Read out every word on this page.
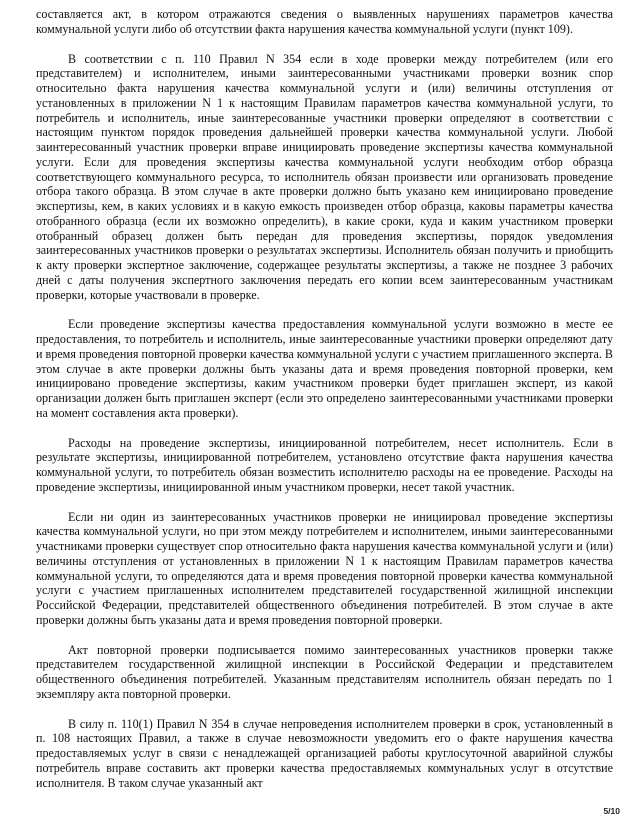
составляется акт, в котором отражаются сведения о выявленных нарушениях параметров качества коммунальной услуги либо об отсутствии факта нарушения качества коммунальной услуги (пункт 109).

В соответствии с п. 110 Правил N 354 если в ходе проверки между потребителем (или его представителем) и исполнителем, иными заинтересованными участниками проверки возник спор относительно факта нарушения качества коммунальной услуги и (или) величины отступления от установленных в приложении N 1 к настоящим Правилам параметров качества коммунальной услуги, то потребитель и исполнитель, иные заинтересованные участники проверки определяют в соответствии с настоящим пунктом порядок проведения дальнейшей проверки качества коммунальной услуги. Любой заинтересованный участник проверки вправе инициировать проведение экспертизы качества коммунальной услуги. Если для проведения экспертизы качества коммунальной услуги необходим отбор образца соответствующего коммунального ресурса, то исполнитель обязан произвести или организовать проведение отбора такого образца. В этом случае в акте проверки должно быть указано кем инициировано проведение экспертизы, кем, в каких условиях и в какую емкость произведен отбор образца, каковы параметры качества отобранного образца (если их возможно определить), в какие сроки, куда и каким участником проверки отобранный образец должен быть передан для проведения экспертизы, порядок уведомления заинтересованных участников проверки о результатах экспертизы. Исполнитель обязан получить и приобщить к акту проверки экспертное заключение, содержащее результаты экспертизы, а также не позднее 3 рабочих дней с даты получения экспертного заключения передать его копии всем заинтересованным участникам проверки, которые участвовали в проверке.

Если проведение экспертизы качества предоставления коммунальной услуги возможно в месте ее предоставления, то потребитель и исполнитель, иные заинтересованные участники проверки определяют дату и время проведения повторной проверки качества коммунальной услуги с участием приглашенного эксперта. В этом случае в акте проверки должны быть указаны дата и время проведения повторной проверки, кем инициировано проведение экспертизы, каким участником проверки будет приглашен эксперт, из какой организации должен быть приглашен эксперт (если это определено заинтересованными участниками проверки на момент составления акта проверки).

Расходы на проведение экспертизы, инициированной потребителем, несет исполнитель. Если в результате экспертизы, инициированной потребителем, установлено отсутствие факта нарушения качества коммунальной услуги, то потребитель обязан возместить исполнителю расходы на ее проведение. Расходы на проведение экспертизы, инициированной иным участником проверки, несет такой участник.

Если ни один из заинтересованных участников проверки не инициировал проведение экспертизы качества коммунальной услуги, но при этом между потребителем и исполнителем, иными заинтересованными участниками проверки существует спор относительно факта нарушения качества коммунальной услуги и (или) величины отступления от установленных в приложении N 1 к настоящим Правилам параметров качества коммунальной услуги, то определяются дата и время проведения повторной проверки качества коммунальной услуги с участием приглашенных исполнителем представителей государственной жилищной инспекции Российской Федерации, представителей общественного объединения потребителей. В этом случае в акте проверки должны быть указаны дата и время проведения повторной проверки.

Акт повторной проверки подписывается помимо заинтересованных участников проверки также представителем государственной жилищной инспекции в Российской Федерации и представителем общественного объединения потребителей. Указанным представителям исполнитель обязан передать по 1 экземпляру акта повторной проверки.

В силу п. 110(1) Правил N 354 в случае непроведения исполнителем проверки в срок, установленный в п. 108 настоящих Правил, а также в случае невозможности уведомить его о факте нарушения качества предоставляемых услуг в связи с ненадлежащей организацией работы круглосуточной аварийной службы потребитель вправе составить акт проверки качества предоставляемых коммунальных услуг в отсутствие исполнителя. В таком случае указанный акт

5/10
